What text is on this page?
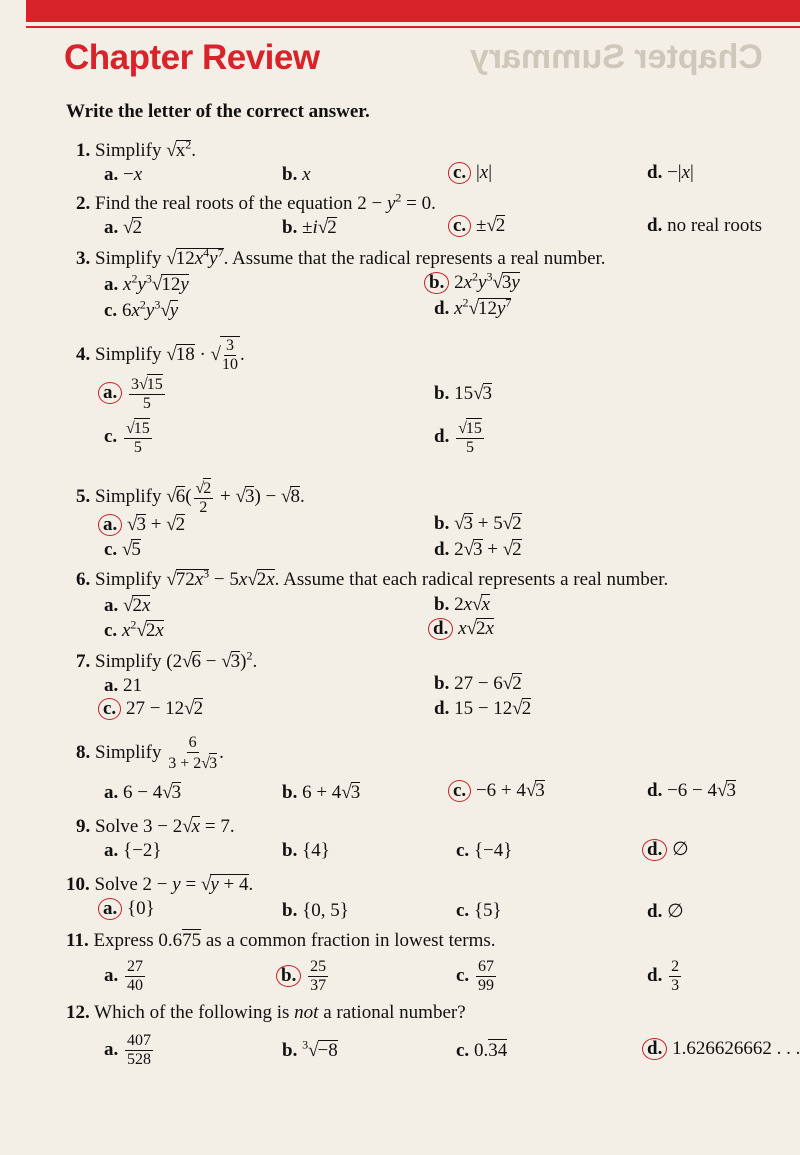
Chapter Summary
Chapter Review
Write the letter of the correct answer.
1. Simplify $√x^2$.
a. −x	b. x	c. |x|	d. −|x|
2. Find the real roots of the equation $2 - y^2 = 0$.
a. √2	b. ±i√2	c. ±√2	d. no real roots
3. Simplify $√12x^4y^7$. Assume that the radical represents a real number.
a. $x^2y^3√12y$	b. $2x^2y^3√3y$
c. $6x^2y^3√y$	d. $x^2√12y^7$
4. Simplify √18 · √ $\frac{3}{10}$ .
a. $\frac{3√15}{5}$	b. 15√3
c. $\frac{√15}{5}$	d. $\frac{√15}{5}$
5. Simplify $√6( \frac{√2}{2} + √3) - √8$.
a. √3 + √2	b. √3 + 5√2
c. √5	d. 2√3 + √2
6. Simplify $√72x^3 - 5x√2x$. Assume that each radical represents a real number.
a. √2x	b. 2x√x
c. $x^2√2x$	d. x√2x
7. Simplify $(2√6 - √3)^2$.
a. 21	b. 27 − 6√2
c. 27 − 12√2	d. 15 − 12√2
8. Simplify $\frac{6}{3 + 2√3}$ .
a. 6 − 4√3	b. 6 + 4√3	c. −6 + 4√3	d. −6 − 4√3
9. Solve 3 − 2√x = 7.
a. {−2}	b. {4}	c. {−4}	d. ∅
10. Solve 2 − y = √y + 4.
a. {0}	b. {0, 5}	c. {5}	d. ∅
11. Express 0.675 as a common fraction in lowest terms.
a. $\frac{27}{40}$	b. $\frac{25}{37}$	c. $\frac{67}{99}$	d. $\frac{2}{3}$
12. Which of the following is not a rational number?
a. $\frac{407}{528}$	b. $^3$√−8	c. 0.34	d. 1.626626662 . . .
